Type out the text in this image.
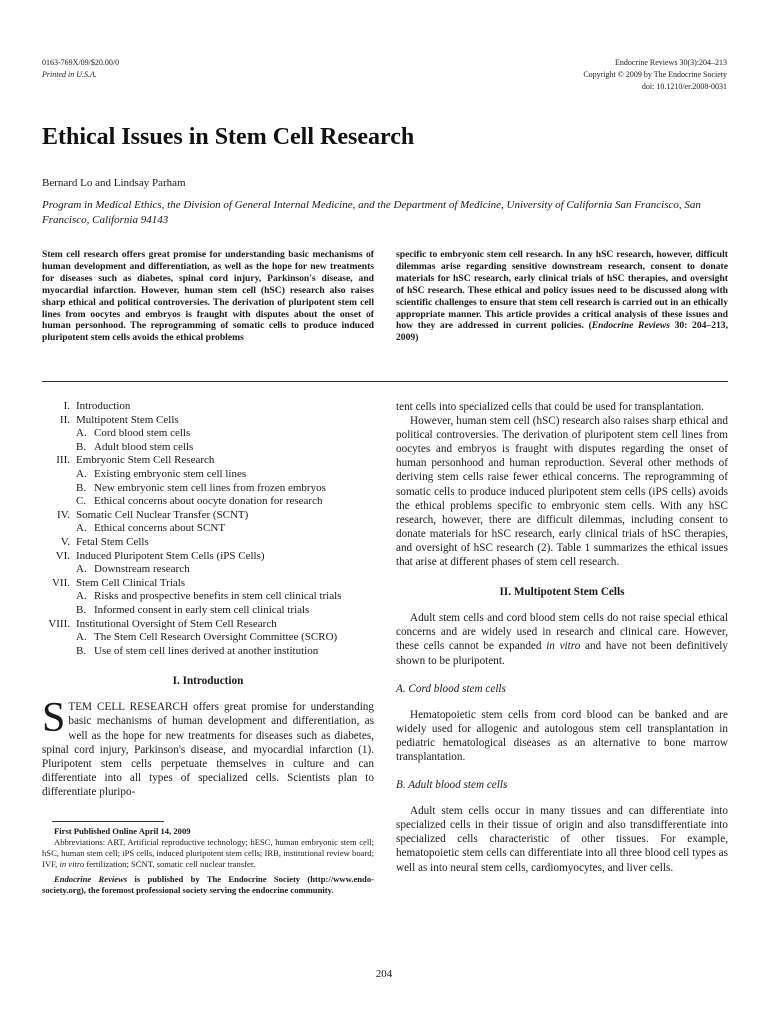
0163-769X/09/$20.00/0
Printed in U.S.A.
Endocrine Reviews 30(3):204–213
Copyright © 2009 by The Endocrine Society
doi: 10.1210/er.2008-0031
Ethical Issues in Stem Cell Research
Bernard Lo and Lindsay Parham
Program in Medical Ethics, the Division of General Internal Medicine, and the Department of Medicine, University of California San Francisco, San Francisco, California 94143
Stem cell research offers great promise for understanding basic mechanisms of human development and differentiation, as well as the hope for new treatments for diseases such as diabetes, spinal cord injury, Parkinson's disease, and myocardial infarction. However, human stem cell (hSC) research also raises sharp ethical and political controversies. The derivation of pluripotent stem cell lines from oocytes and embryos is fraught with disputes about the onset of human personhood. The reprogramming of somatic cells to produce induced pluripotent stem cells avoids the ethical problems
specific to embryonic stem cell research. In any hSC research, however, difficult dilemmas arise regarding sensitive downstream research, consent to donate materials for hSC research, early clinical trials of hSC therapies, and oversight of hSC research. These ethical and policy issues need to be discussed along with scientific challenges to ensure that stem cell research is carried out in an ethically appropriate manner. This article provides a critical analysis of these issues and how they are addressed in current policies. (Endocrine Reviews 30: 204–213, 2009)
I. Introduction
II. Multipotent Stem Cells
A. Cord blood stem cells
B. Adult blood stem cells
III. Embryonic Stem Cell Research
A. Existing embryonic stem cell lines
B. New embryonic stem cell lines from frozen embryos
C. Ethical concerns about oocyte donation for research
IV. Somatic Cell Nuclear Transfer (SCNT)
A. Ethical concerns about SCNT
V. Fetal Stem Cells
VI. Induced Pluripotent Stem Cells (iPS Cells)
A. Downstream research
VII. Stem Cell Clinical Trials
A. Risks and prospective benefits in stem cell clinical trials
B. Informed consent in early stem cell clinical trials
VIII. Institutional Oversight of Stem Cell Research
A. The Stem Cell Research Oversight Committee (SCRO)
B. Use of stem cell lines derived at another institution
I. Introduction

STEM CELL RESEARCH offers great promise for understanding basic mechanisms of human development and differentiation, as well as the hope for new treatments for diseases such as diabetes, spinal cord injury, Parkinson's disease, and myocardial infarction (1). Pluripotent stem cells perpetuate themselves in culture and can differentiate into all types of specialized cells. Scientists plan to differentiate pluripo-

First Published Online April 14, 2009

Abbreviations: ART, Artificial reproductive technology; hESC, human embryonic stem cell; hSC, human stem cell; iPS cells, induced pluripotent stem cells; IRB, institutional review board; IVF, in vitro fertilization; SCNT, somatic cell nuclear transfer.

Endocrine Reviews is published by The Endocrine Society (http://www.endo-society.org), the foremost professional society serving the endocrine community.

tent cells into specialized cells that could be used for transplantation.

However, human stem cell (hSC) research also raises sharp ethical and political controversies. The derivation of pluripotent stem cell lines from oocytes and embryos is fraught with disputes regarding the onset of human personhood and human reproduction. Several other methods of deriving stem cells raise fewer ethical concerns. The reprogramming of somatic cells to produce induced pluripotent stem cells (iPS cells) avoids the ethical problems specific to embryonic stem cells. With any hSC research, however, there are difficult dilemmas, including consent to donate materials for hSC research, early clinical trials of hSC therapies, and oversight of hSC research (2). Table 1 summarizes the ethical issues that arise at different phases of stem cell research.

II. Multipotent Stem Cells

Adult stem cells and cord blood stem cells do not raise special ethical concerns and are widely used in research and clinical care. However, these cells cannot be expanded in vitro and have not been definitively shown to be pluripotent.

A. Cord blood stem cells

Hematopoietic stem cells from cord blood can be banked and are widely used for allogenic and autologous stem cell transplantation in pediatric hematological diseases as an alternative to bone marrow transplantation.

B. Adult blood stem cells

Adult stem cells occur in many tissues and can differentiate into specialized cells in their tissue of origin and also transdifferentiate into specialized cells characteristic of other tissues. For example, hematopoietic stem cells can differentiate into all three blood cell types as well as into neural stem cells, cardiomyocytes, and liver cells.

204
